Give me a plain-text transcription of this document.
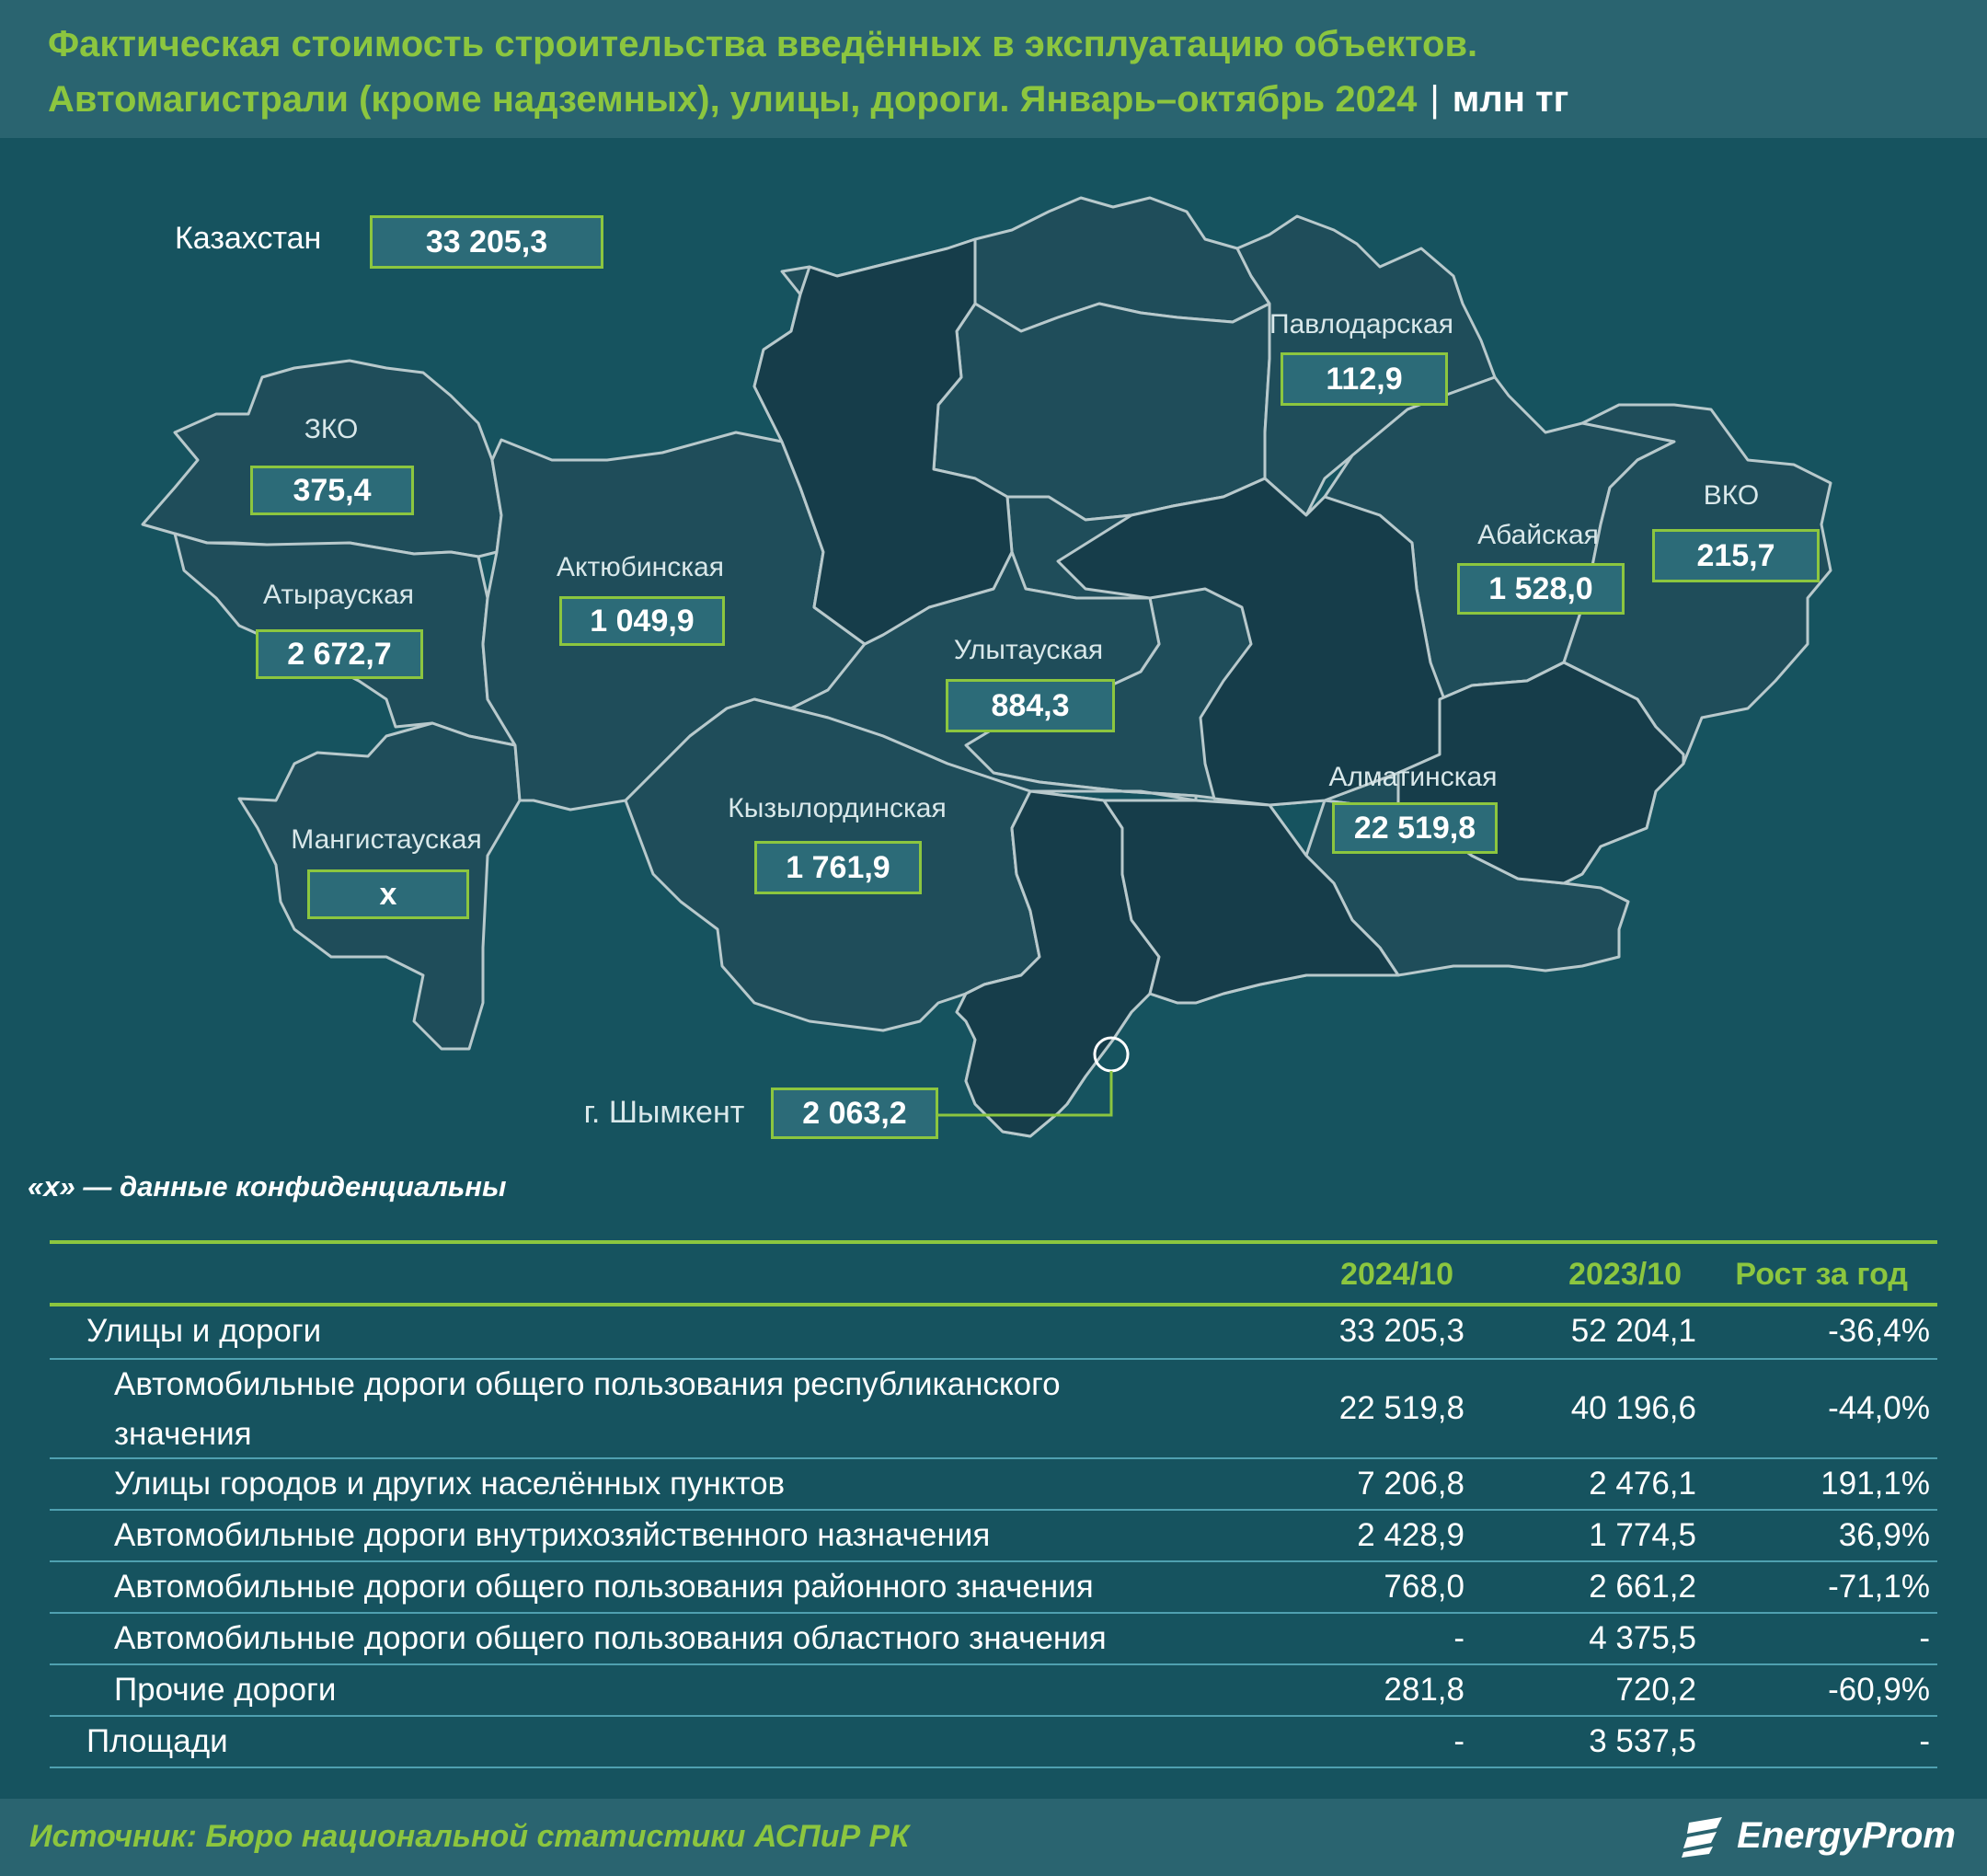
Фактическая стоимость строительства введённых в эксплуатацию объектов.
Автомагистрали (кроме надземных), улицы, дороги. Январь–октябрь 2024 | млн тг
Казахстан	33 205,3
ЗКО
375,4
Атырауская
2 672,7
Актюбинская
1 049,9
Мангистауская
х
Кызылординская
1 761,9
Улытауская
884,3
Павлодарская
112,9
Абайская
1 528,0
ВКО
215,7
Алматинская
22 519,8
г. Шымкент	2 063,2
«х» — данные конфиденциальны
2024/10	2023/10 Рост за год
Улицы и дороги	33 205,3	52 204,1	-36,4%
Автомобильные дороги общего пользования республиканского
значения
22 519,8	40 196,6	-44,0%
Улицы городов и других населённых пунктов	7 206,8	2 476,1	191,1%
Автомобильные дороги внутрихозяйственного назначения	2 428,9	1 774,5	36,9%
Автомобильные дороги общего пользования районного значения	768,0	2 661,2	-71,1%
Автомобильные дороги общего пользования областного значения	-	4 375,5	-
Прочие дороги	281,8	720,2	-60,9%
Площади	-	3 537,5	-
Источник: Бюро национальной статистики АСПиР РК	EnergyProm
